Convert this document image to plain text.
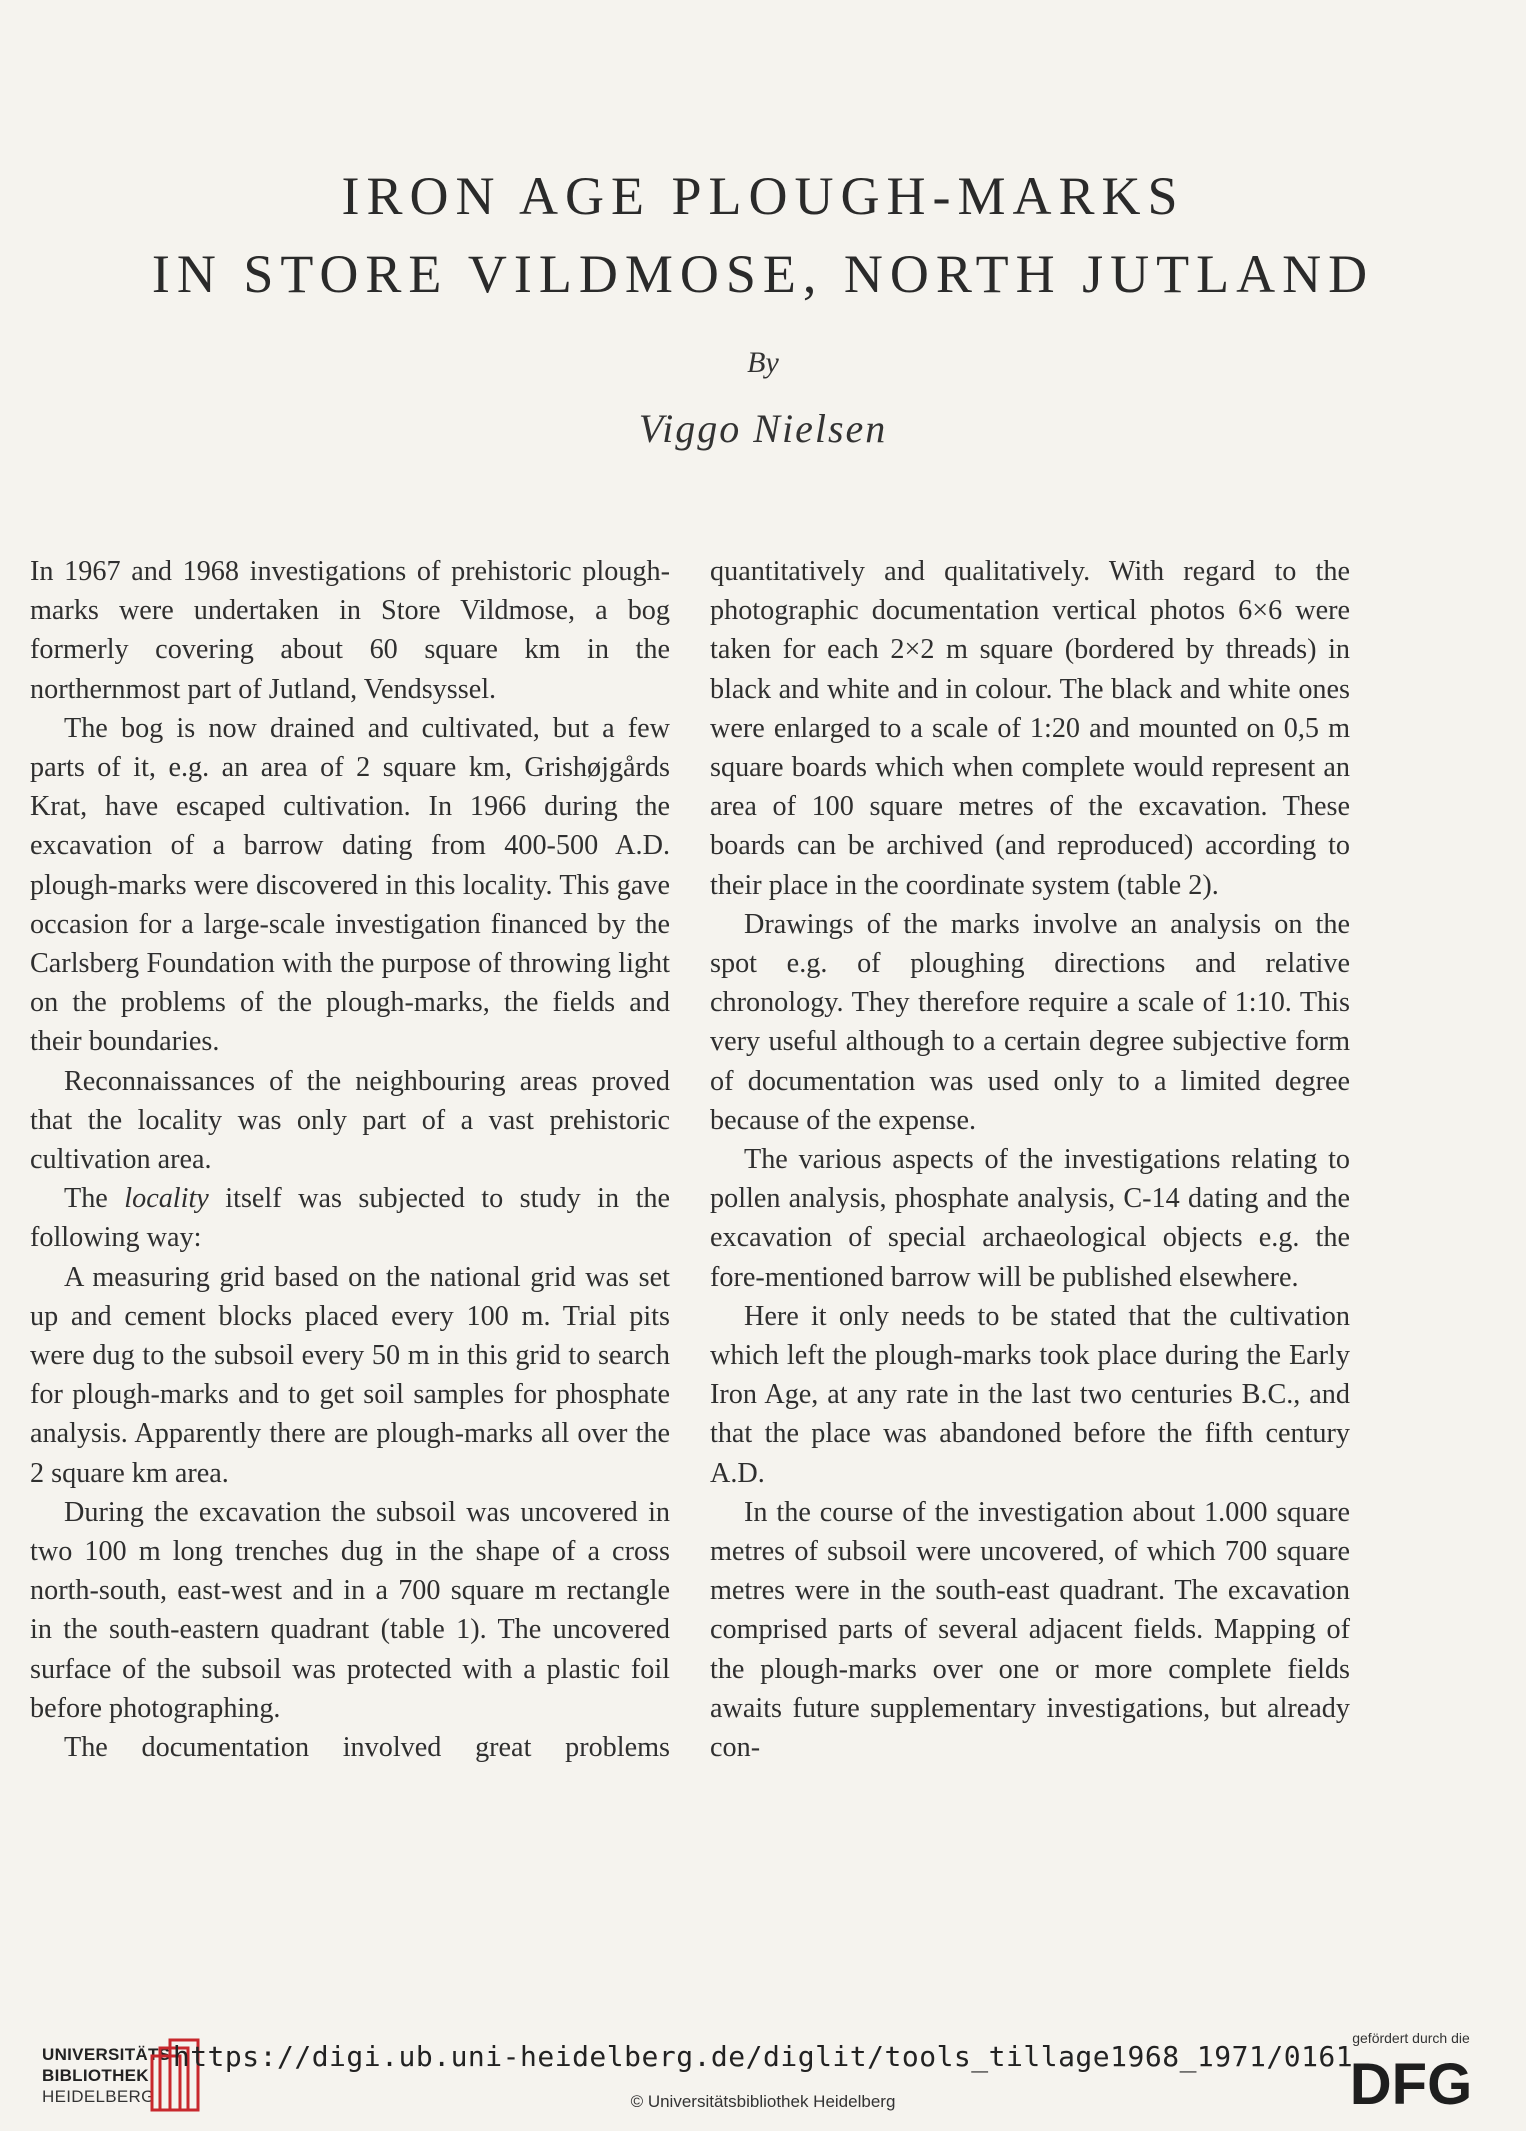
IRON AGE PLOUGH-MARKS
IN STORE VILDMOSE, NORTH JUTLAND
By
Viggo Nielsen

In 1967 and 1968 investigations of prehistoric plough-marks were undertaken in Store Vildmose, a bog formerly covering about 60 square km in the northernmost part of Jutland, Vendsyssel.

The bog is now drained and cultivated, but a few parts of it, e.g. an area of 2 square km, Grishøjgårds Krat, have escaped cultivation. In 1966 during the excavation of a barrow dating from 400-500 A.D. plough-marks were discovered in this locality. This gave occasion for a large-scale investigation financed by the Carlsberg Foundation with the purpose of throwing light on the problems of the plough-marks, the fields and their boundaries.

Reconnaissances of the neighbouring areas proved that the locality was only part of a vast prehistoric cultivation area.

The locality itself was subjected to study in the following way:

A measuring grid based on the national grid was set up and cement blocks placed every 100 m. Trial pits were dug to the subsoil every 50 m in this grid to search for plough-marks and to get soil samples for phosphate analysis. Apparently there are plough-marks all over the 2 square km area.

During the excavation the subsoil was uncovered in two 100 m long trenches dug in the shape of a cross north-south, east-west and in a 700 square m rectangle in the south-eastern quadrant (table 1). The uncovered surface of the subsoil was protected with a plastic foil before photographing.

The documentation involved great problems

quantitatively and qualitatively. With regard to the photographic documentation vertical photos 6×6 were taken for each 2×2 m square (bordered by threads) in black and white and in colour. The black and white ones were enlarged to a scale of 1:20 and mounted on 0,5 m square boards which when complete would represent an area of 100 square metres of the excavation. These boards can be archived (and reproduced) according to their place in the coordinate system (table 2).

Drawings of the marks involve an analysis on the spot e.g. of ploughing directions and relative chronology. They therefore require a scale of 1:10. This very useful although to a certain degree subjective form of documentation was used only to a limited degree because of the expense.

The various aspects of the investigations relating to pollen analysis, phosphate analysis, C-14 dating and the excavation of special archaeological objects e.g. the fore-mentioned barrow will be published elsewhere.

Here it only needs to be stated that the cultivation which left the plough-marks took place during the Early Iron Age, at any rate in the last two centuries B.C., and that the place was abandoned before the fifth century A.D.

In the course of the investigation about 1.000 square metres of subsoil were uncovered, of which 700 square metres were in the south-east quadrant. The excavation comprised parts of several adjacent fields. Mapping of the plough-marks over one or more complete fields awaits future supplementary investigations, but already con-

UNIVERSITÄTS-
BIBLIOTHEK
HEIDELBERG
https://digi.ub.uni-heidelberg.de/diglit/tools_tillage1968_1971/0161
© Universitätsbibliothek Heidelberg
gefördert durch die
DFG
